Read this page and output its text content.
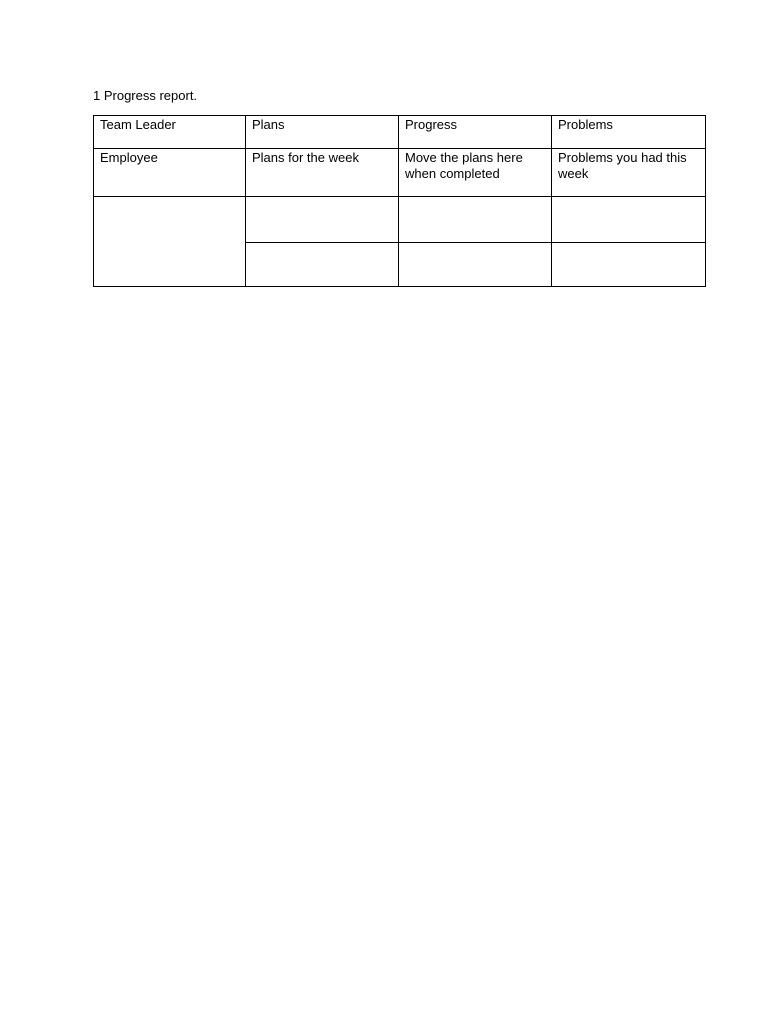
1 Progress report.
Team Leader	Plans	Progress	Problems
Employee	Plans for the week	Move the plans here when completed	Problems you had this week
